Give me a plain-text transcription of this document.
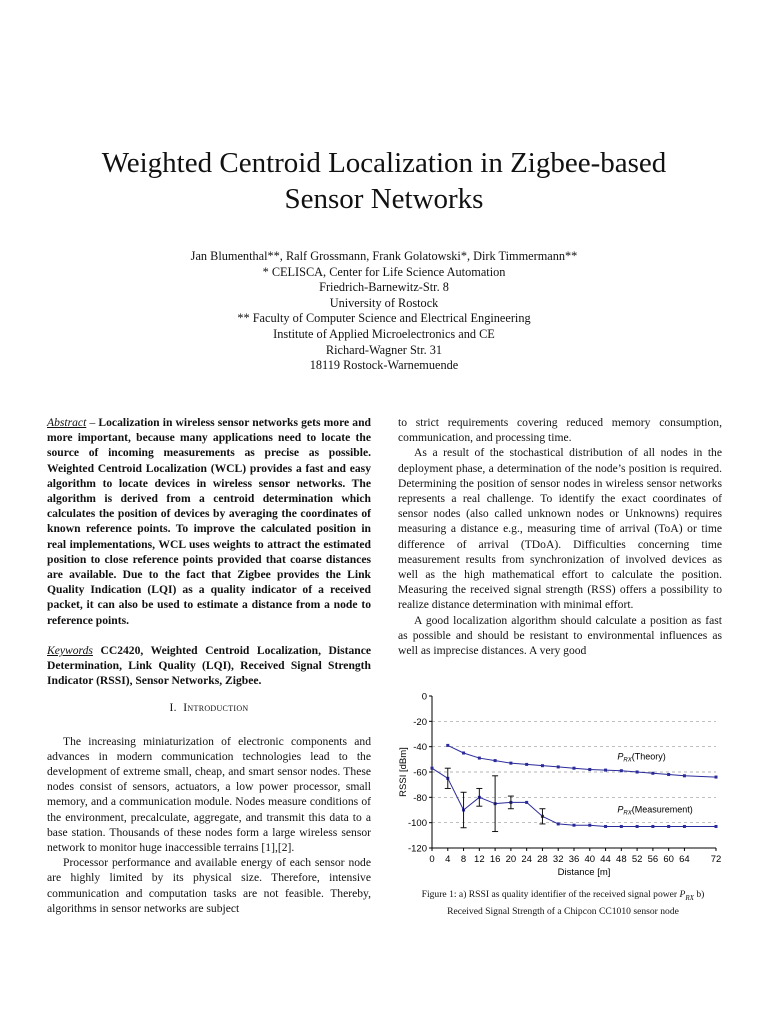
Weighted Centroid Localization in Zigbee-based
Sensor Networks
Jan Blumenthal**, Ralf Grossmann, Frank Golatowski*, Dirk Timmermann**
* CELISCA, Center for Life Science Automation
Friedrich-Barnewitz-Str. 8
University of Rostock
** Faculty of Computer Science and Electrical Engineering
Institute of Applied Microelectronics and CE
Richard-Wagner Str. 31
18119 Rostock-Warnemuende

Abstract – Localization in wireless sensor networks gets more and more important, because many applications need to locate the source of incoming measurements as precise as possible. Weighted Centroid Localization (WCL) provides a fast and easy algorithm to locate devices in wireless sensor networks. The algorithm is derived from a centroid determination which calculates the position of devices by averaging the coordinates of known reference points. To improve the calculated position in real implementations, WCL uses weights to attract the estimated position to close reference points provided that coarse distances are available. Due to the fact that Zigbee provides the Link Quality Indication (LQI) as a quality indicator of a received packet, it can also be used to estimate a distance from a node to reference points.

Keywords CC2420, Weighted Centroid Localization, Distance Determination, Link Quality (LQI), Received Signal Strength Indicator (RSSI), Sensor Networks, Zigbee.

I. Introduction

The increasing miniaturization of electronic components and advances in modern communication technologies lead to the development of extreme small, cheap, and smart sensor nodes. These nodes consist of sensors, actuators, a low power processor, small memory, and a communication module. Nodes measure conditions of the environment, precalculate, aggregate, and transmit this data to a base station. Thousands of these nodes form a large wireless sensor network to monitor huge inaccessible terrains [1],[2].

Processor performance and available energy of each sensor node are highly limited by its physical size. Therefore, intensive communication and computation tasks are not feasible. Thereby, algorithms in sensor networks are subject

to strict requirements covering reduced memory consumption, communication, and processing time.

As a result of the stochastical distribution of all nodes in the deployment phase, a determination of the node’s position is required. Determining the position of sensor nodes in wireless sensor networks represents a real challenge. To identify the exact coordinates of sensor nodes (also called unknown nodes or Unknowns) requires measuring a distance e.g., measuring time of arrival (ToA) or time difference of arrival (TDoA). Difficulties concerning time measurement results from synchronization of involved devices as well as the high mathematical effort to calculate the position. Measuring the received signal strength (RSS) offers a possibility to realize distance determination with minimal effort.

A good localization algorithm should calculate a position as fast as possible and should be resistant to environmental influences as well as imprecise distances. A very good

0
-20
-40
-60
-80
-100
-120
0 4 8 12 16 20 24 28 32 36 40 44 48 52 56 60 64 72
Distance [m]
RSSI [dBm]	$P_{RX}(Theory)$
$P_{RX}(Measurement)$
Figure 1: a) RSSI as quality identifier of the received signal power $P_{RX}$ b)
Received Signal Strength of a Chipcon CC1010 sensor node
